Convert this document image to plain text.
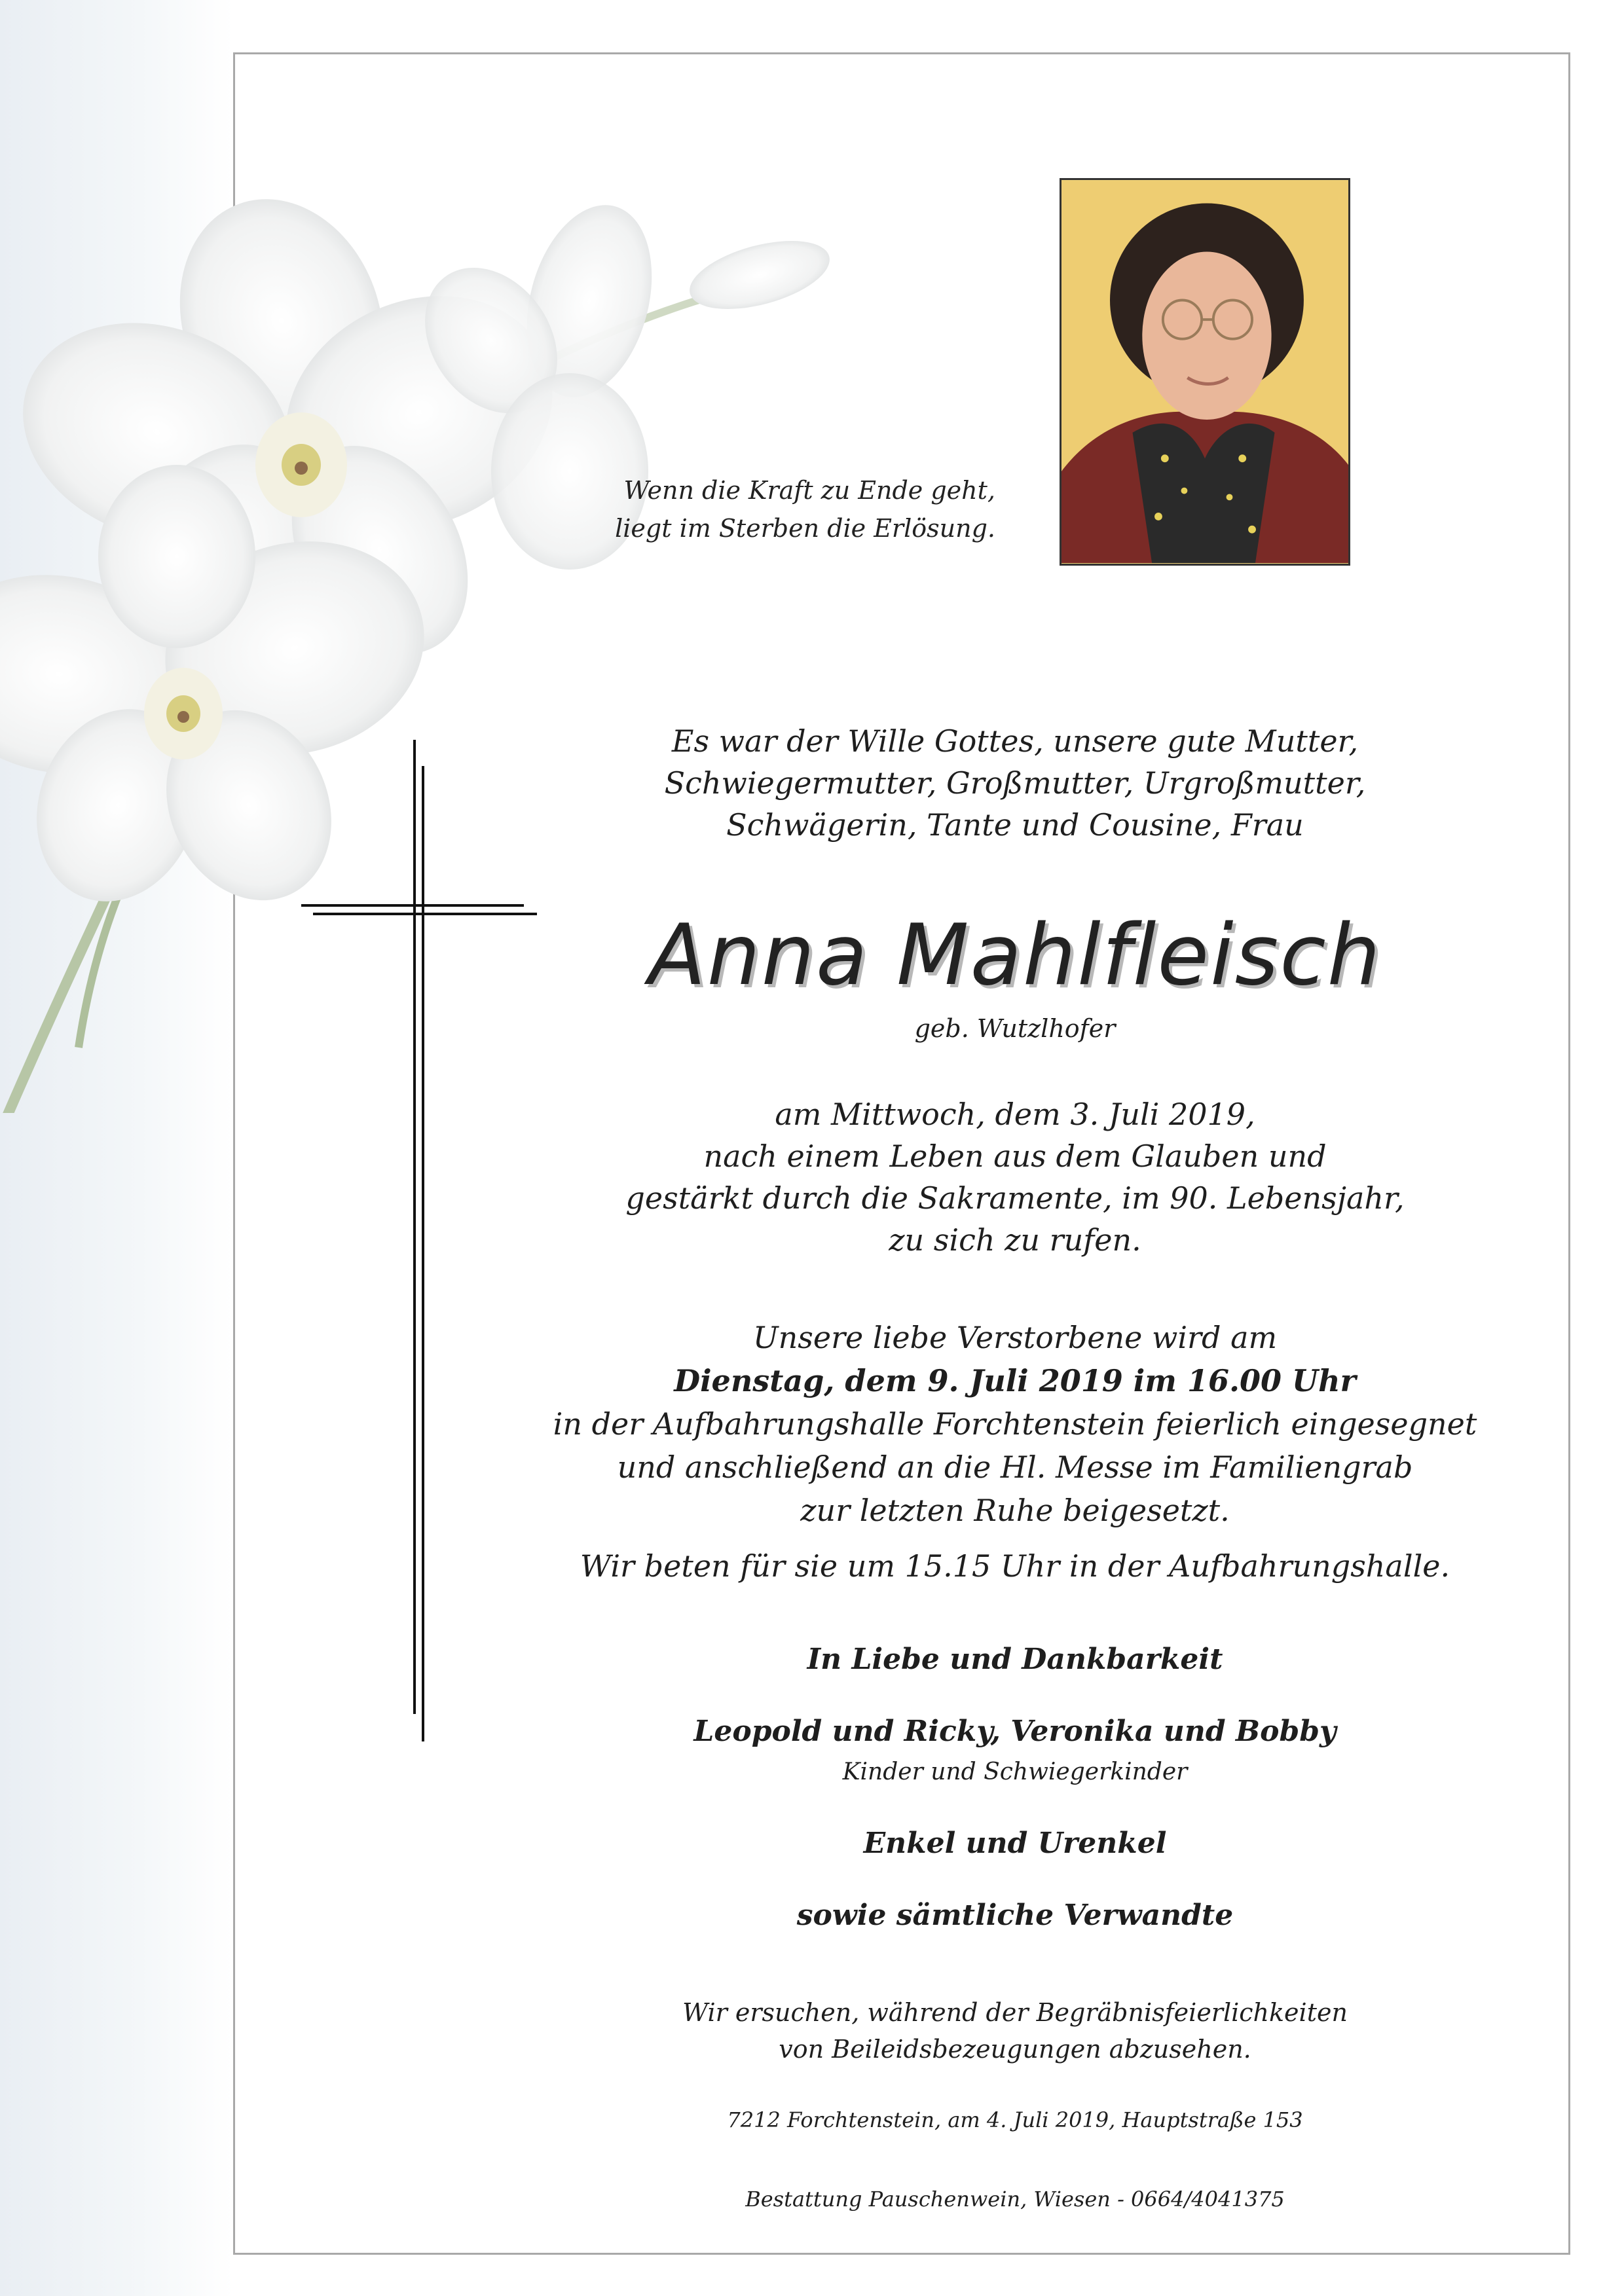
Wenn die Kraft zu Ende geht,
liegt im Sterben die Erlösung.
Es war der Wille Gottes, unsere gute Mutter,
Schwiegermutter, Großmutter, Urgroßmutter,
Schwägerin, Tante und Cousine, Frau
Anna Mahlfleisch
geb. Wutzlhofer
am Mittwoch, dem 3. Juli 2019,
nach einem Leben aus dem Glauben und
gestärkt durch die Sakramente, im 90. Lebensjahr,
zu sich zu rufen.
Unsere liebe Verstorbene wird am
Dienstag, dem 9. Juli 2019 im 16.00 Uhr
in der Aufbahrungshalle Forchtenstein feierlich eingesegnet
und anschließend an die Hl. Messe im Familiengrab
zur letzten Ruhe beigesetzt.
Wir beten für sie um 15.15 Uhr in der Aufbahrungshalle.
In Liebe und Dankbarkeit
Leopold und Ricky, Veronika und Bobby
Kinder und Schwiegerkinder
Enkel und Urenkel
sowie sämtliche Verwandte
Wir ersuchen, während der Begräbnisfeierlichkeiten
von Beileidsbezeugungen abzusehen.
7212 Forchtenstein, am 4. Juli 2019, Hauptstraße 153
Bestattung Pauschenwein, Wiesen - 0664/4041375
